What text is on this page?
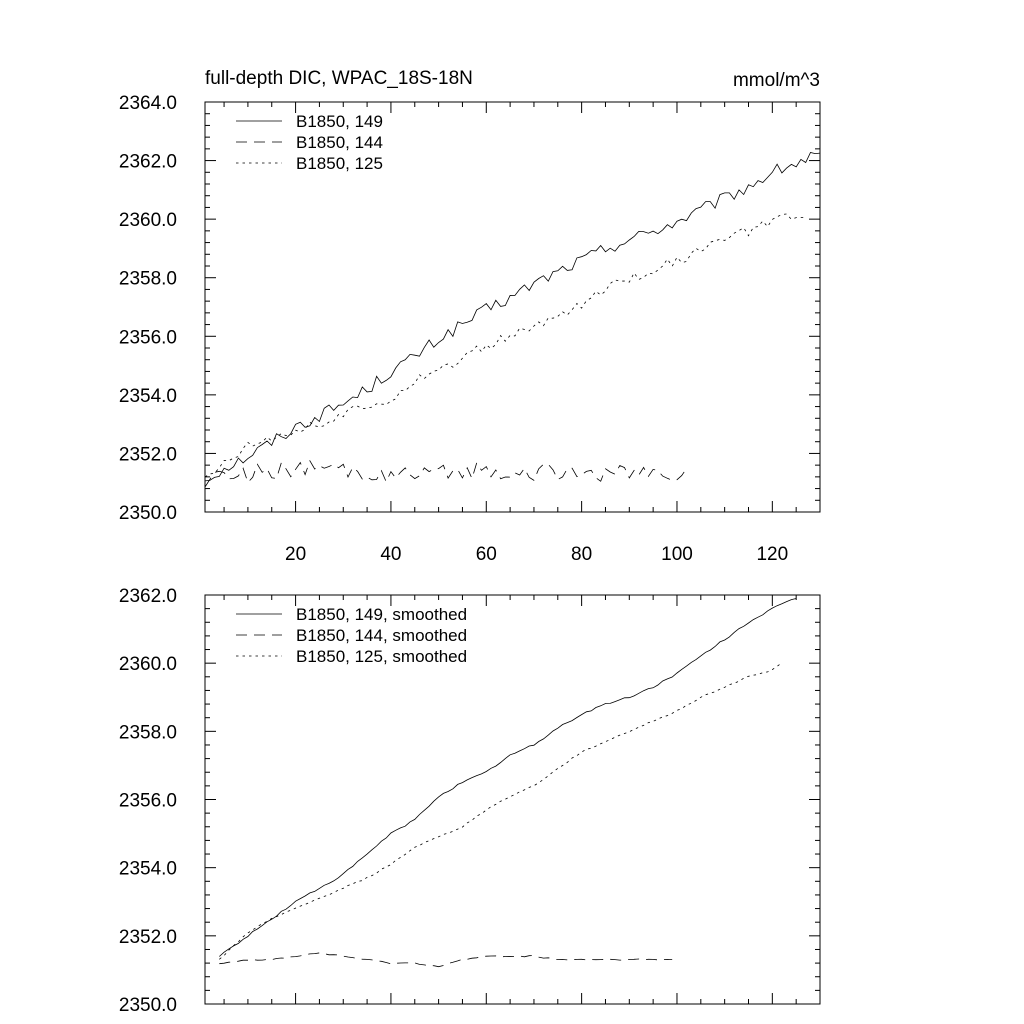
full-depth DIC, WPAC_18S-18N	mmol/m^3
2350.0
2352.0
2354.0
2356.0
2358.0
2360.0
2362.0
2364.0
20	40	60	80	100	120
B1850, 149
B1850, 144
B1850, 125
2350.0
2352.0
2354.0
2356.0
2358.0
2360.0
2362.0
B1850, 149, smoothed
B1850, 144, smoothed
B1850, 125, smoothed
